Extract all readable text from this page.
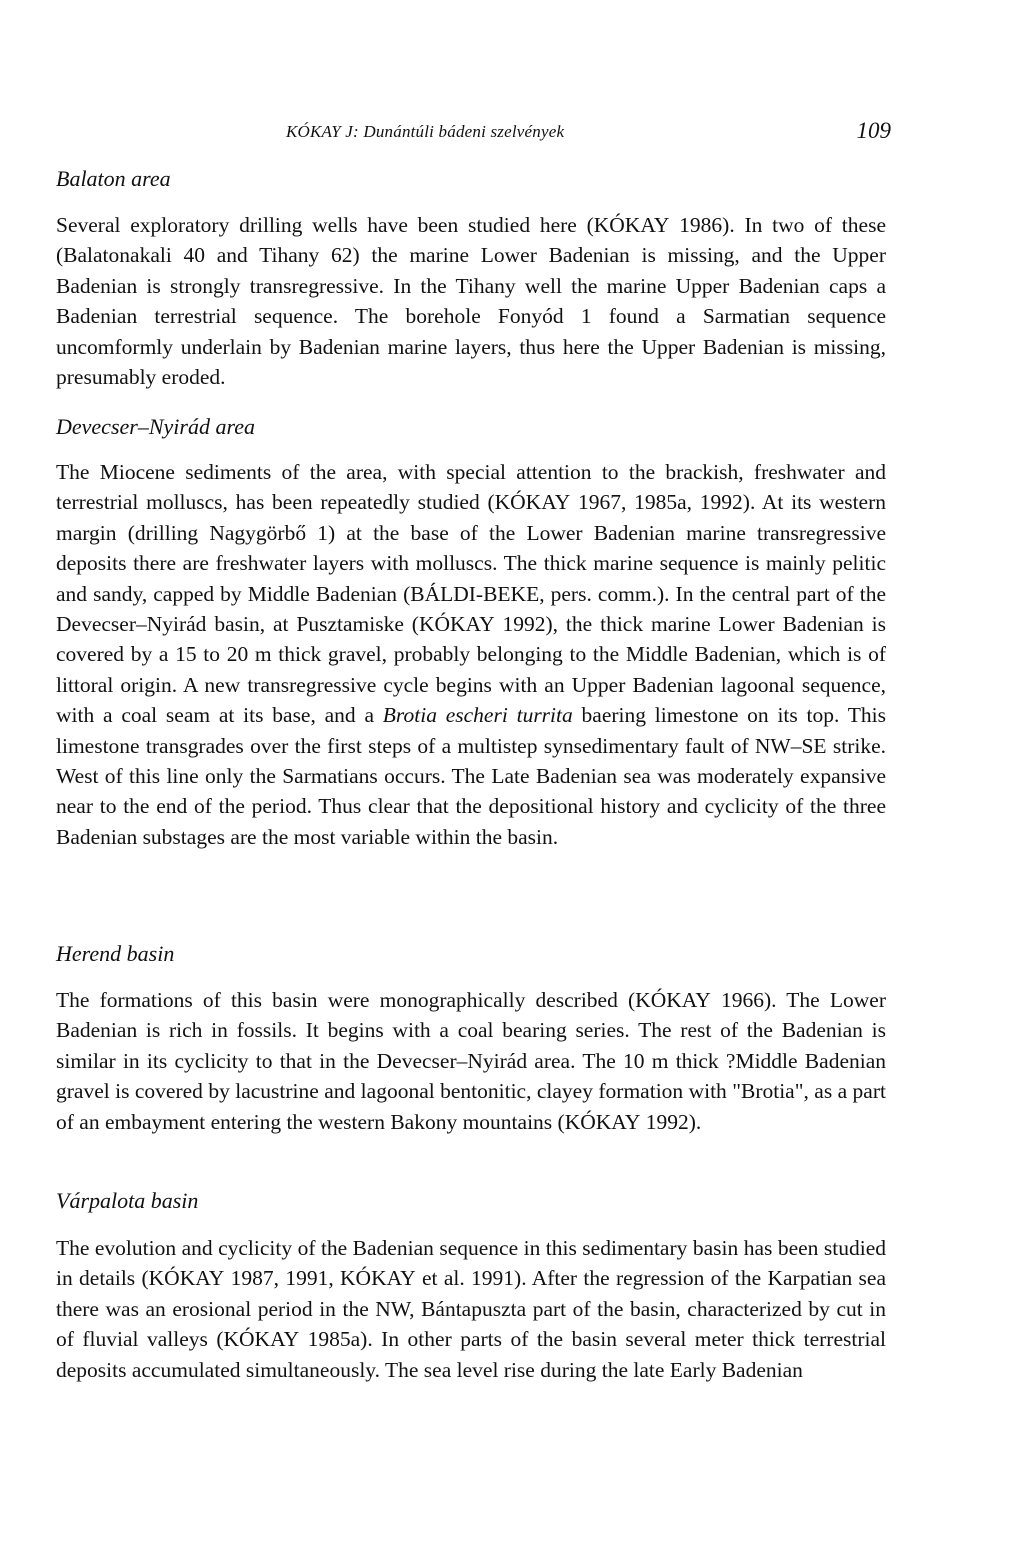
KÓKAY J: Dunántúli bádeni szelvények	109
Balaton area

Several exploratory drilling wells have been studied here (KÓKAY 1986). In two of these (Balatonakali 40 and Tihany 62) the marine Lower Badenian is missing, and the Upper Badenian is strongly transregressive. In the Tihany well the marine Upper Badenian caps a Badenian terrestrial sequence. The borehole Fonyód 1 found a Sarmatian sequence uncomformly underlain by Badenian marine layers, thus here the Upper Badenian is missing, presumably eroded.

Devecser–Nyirád area

The Miocene sediments of the area, with special attention to the brackish, freshwater and terrestrial molluscs, has been repeatedly studied (KÓKAY 1967, 1985a, 1992). At its western margin (drilling Nagygörbő 1) at the base of the Lower Badenian marine transregressive deposits there are freshwater layers with molluscs. The thick marine sequence is mainly pelitic and sandy, capped by Middle Badenian (BÁLDI-BEKE, pers. comm.). In the central part of the Devecser–Nyirád basin, at Pusztamiske (KÓKAY 1992), the thick marine Lower Badenian is covered by a 15 to 20 m thick gravel, probably belonging to the Middle Badenian, which is of littoral origin. A new transregressive cycle begins with an Upper Badenian lagoonal sequence, with a coal seam at its base, and a Brotia escheri turrita baering limestone on its top. This limestone transgrades over the first steps of a multistep synsedimentary fault of NW–SE strike. West of this line only the Sarmatians occurs. The Late Badenian sea was moderately expansive near to the end of the period. Thus clear that the depositional history and cyclicity of the three Badenian substages are the most variable within the basin.

Herend basin

The formations of this basin were monographically described (KÓKAY 1966). The Lower Badenian is rich in fossils. It begins with a coal bearing series. The rest of the Badenian is similar in its cyclicity to that in the Devecser–Nyirád area. The 10 m thick ?Middle Badenian gravel is covered by lacustrine and lagoonal bentonitic, clayey formation with "Brotia", as a part of an embayment entering the western Bakony mountains (KÓKAY 1992).

Várpalota basin

The evolution and cyclicity of the Badenian sequence in this sedimentary basin has been studied in details (KÓKAY 1987, 1991, KÓKAY et al. 1991). After the regression of the Karpatian sea there was an erosional period in the NW, Bántapuszta part of the basin, characterized by cut in of fluvial valleys (KÓKAY 1985a). In other parts of the basin several meter thick terrestrial deposits accumulated simultaneously. The sea level rise during the late Early Badenian
